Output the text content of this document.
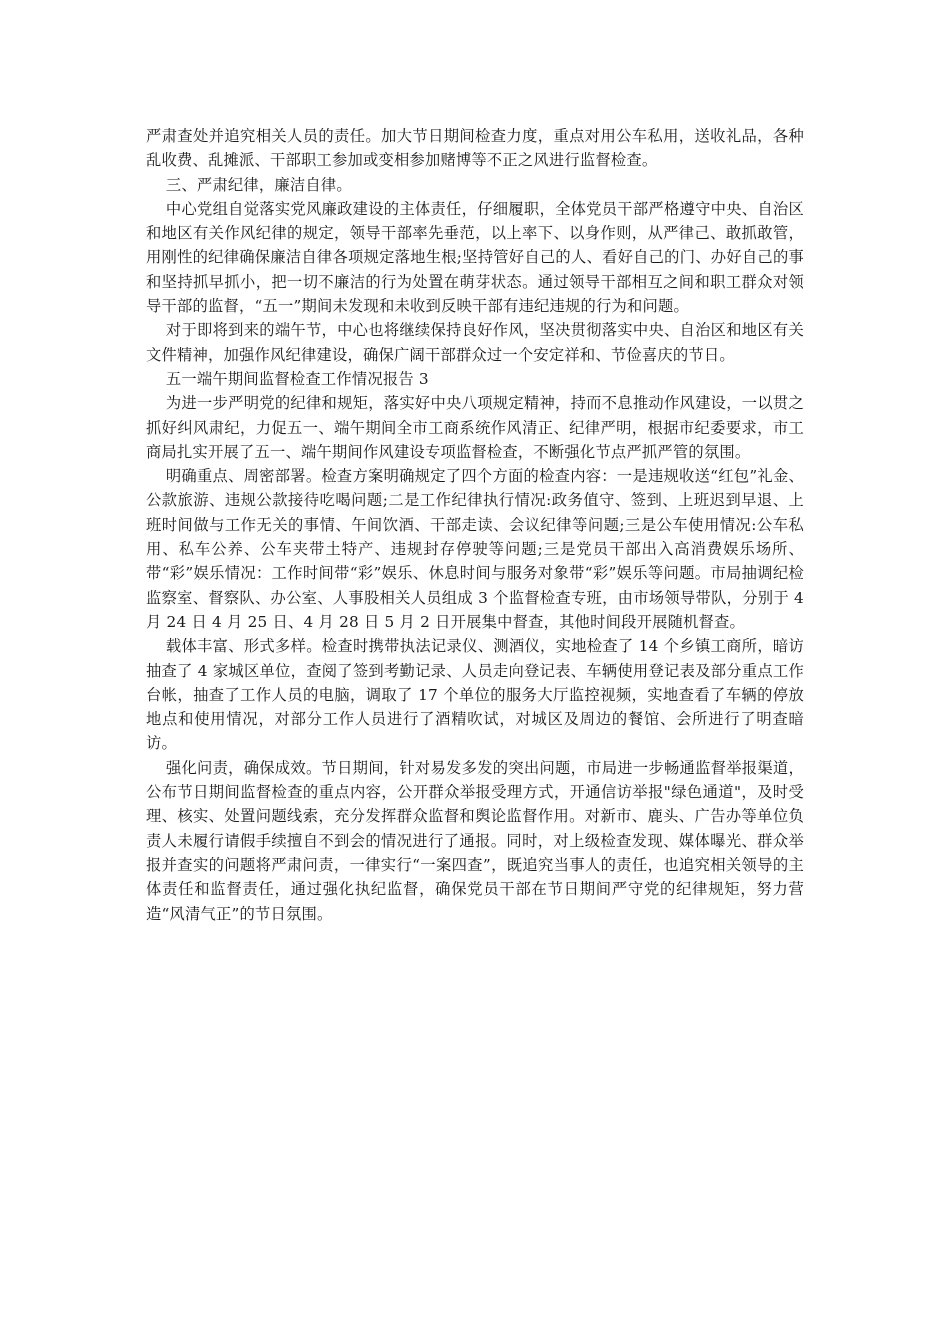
严肃查处并追究相关人员的责任。加大节日期间检查力度，重点对用公车私用，送收礼品，各种乱收费、乱摊派、干部职工参加或变相参加赌博等不正之风进行监督检查。

三、严肃纪律，廉洁自律。

中心党组自觉落实党风廉政建设的主体责任，仔细履职，全体党员干部严格遵守中央、自治区和地区有关作风纪律的规定，领导干部率先垂范，以上率下、以身作则，从严律己、敢抓敢管，用刚性的纪律确保廉洁自律各项规定落地生根;坚持管好自己的人、看好自己的门、办好自己的事和坚持抓早抓小，把一切不廉洁的行为处置在萌芽状态。通过领导干部相互之间和职工群众对领导干部的监督，“五一”期间未发现和未收到反映干部有违纪违规的行为和问题。

对于即将到来的端午节，中心也将继续保持良好作风，坚决贯彻落实中央、自治区和地区有关文件精神，加强作风纪律建设，确保广阔干部群众过一个安定祥和、节俭喜庆的节日。

五一端午期间监督检查工作情况报告 3

为进一步严明党的纪律和规矩，落实好中央八项规定精神，持而不息推动作风建设，一以贯之抓好纠风肃纪，力促五一、端午期间全市工商系统作风清正、纪律严明，根据市纪委要求，市工商局扎实开展了五一、端午期间作风建设专项监督检查，不断强化节点严抓严管的氛围。

明确重点、周密部署。检查方案明确规定了四个方面的检查内容：一是违规收送“红包”礼金、公款旅游、违规公款接待吃喝问题;二是工作纪律执行情况:政务值守、签到、上班迟到早退、上班时间做与工作无关的事情、午间饮酒、干部走读、会议纪律等问题;三是公车使用情况:公车私用、私车公养、公车夹带土特产、违规封存停驶等问题;三是党员干部出入高消费娱乐场所、带“彩”娱乐情况：工作时间带“彩”娱乐、休息时间与服务对象带“彩”娱乐等问题。市局抽调纪检监察室、督察队、办公室、人事股相关人员组成 3 个监督检查专班，由市场领导带队，分别于 4 月 24 日 4 月 25 日、4 月 28 日 5 月 2 日开展集中督查，其他时间段开展随机督查。

载体丰富、形式多样。检查时携带执法记录仪、测酒仪，实地检查了 14 个乡镇工商所，暗访抽查了 4 家城区单位，查阅了签到考勤记录、人员走向登记表、车辆使用登记表及部分重点工作台帐，抽查了工作人员的电脑，调取了 17 个单位的服务大厅监控视频，实地查看了车辆的停放地点和使用情况，对部分工作人员进行了酒精吹试，对城区及周边的餐馆、会所进行了明查暗访。

强化问责，确保成效。节日期间，针对易发多发的突出问题，市局进一步畅通监督举报渠道，公布节日期间监督检查的重点内容，公开群众举报受理方式，开通信访举报"绿色通道"，及时受理、核实、处置问题线索，充分发挥群众监督和舆论监督作用。对新市、鹿头、广告办等单位负责人未履行请假手续擅自不到会的情况进行了通报。同时，对上级检查发现、媒体曝光、群众举报并查实的问题将严肃问责，一律实行“一案四查”，既追究当事人的责任，也追究相关领导的主体责任和监督责任，通过强化执纪监督，确保党员干部在节日期间严守党的纪律规矩，努力营造“风清气正”的节日氛围。
